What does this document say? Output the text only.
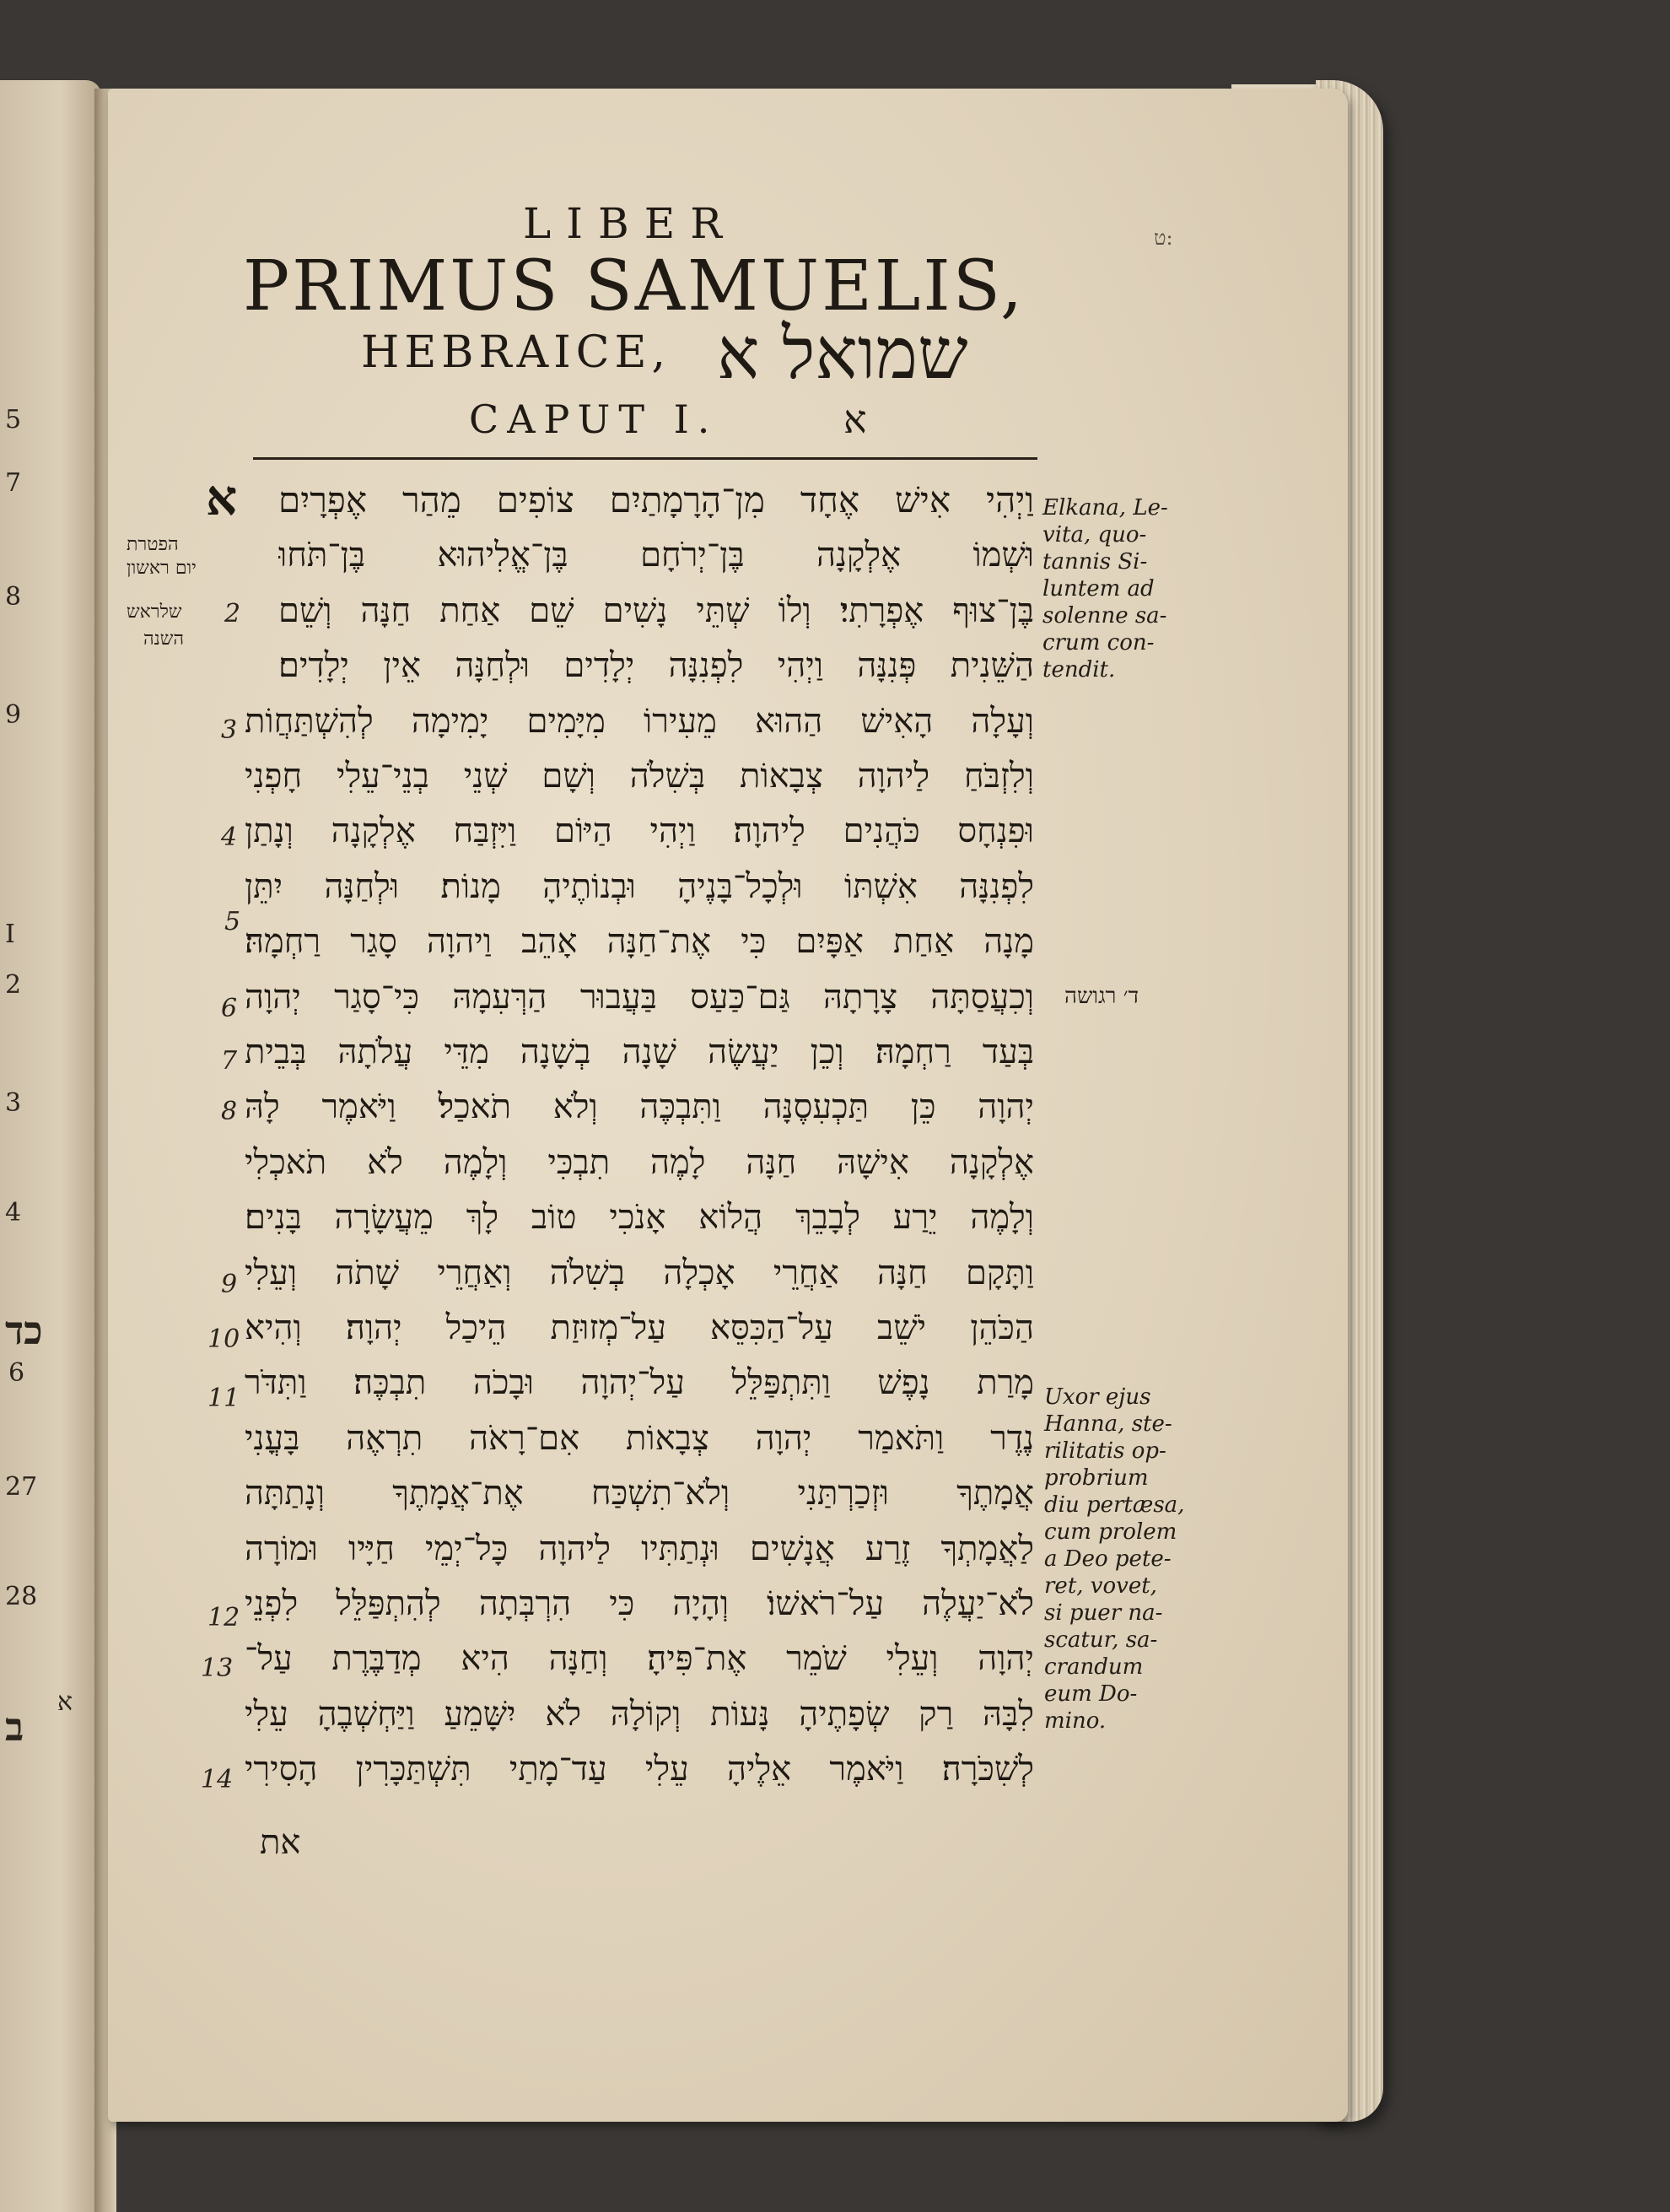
5
7
8
9
I
2
3
4
כד
6
27
28
ב
א
LIBER
PRIMUS SAMUELIS,
HEBRAICE, שמואל א
CAPUT I.	א
ט:
א וַיְהִי אִישׁ אֶחָד מִן־הָרָמָתַיִם צוֹפִים מֵהַר אֶפְרָיִם
וּשְׁמוֹ אֶלְקָנָה בֶּן־יְרֹחָם בֶּן־אֱלִיהוּא בֶּן־תֹּחוּ
בֶּן־צוּף אֶפְרָתִי׃ וְלוֹ שְׁתֵּי נָשִׁים שֵׁם אַחַת חַנָּה וְשֵׁם
הַשֵּׁנִית פְּנִנָּה וַיְהִי לִפְנִנָּה יְלָדִים וּלְחַנָּה אֵין יְלָדִים׃
וְעָלָה הָאִישׁ הַהוּא מֵעִירוֹ מִיָּמִים יָמִימָה לְהִשְׁתַּחֲוֹת
וְלִזְבֹּחַ לַיהוָה צְבָאוֹת בְּשִׁלֹה וְשָׁם שְׁנֵי בְנֵי־עֵלִי חָפְנִי
וּפִנְחָס כֹּהֲנִים לַיהוָה׃ וַיְהִי הַיּוֹם וַיִּזְבַּח אֶלְקָנָה וְנָתַן
לִפְנִנָּה אִשְׁתּוֹ וּלְכָל־בָּנֶיהָ וּבְנוֹתֶיהָ מָנוֹת׃ וּלְחַנָּה יִתֵּן
מָנָה אַחַת אַפָּיִם כִּי אֶת־חַנָּה אָהֵב וַיהוָה סָגַר רַחְמָהּ׃
וְכִעֲסַתָּה צָרָתָהּ גַּם־כַּעַס בַּעֲבוּר הַרְּעִמָהּ כִּי־סָגַר יְהוָה
בְּעַד רַחְמָהּ׃ וְכֵן יַעֲשֶׂה שָׁנָה בְשָׁנָה מִדֵּי עֲלֹתָהּ בְּבֵית
יְהוָה כֵּן תַּכְעִסֶנָּה וַתִּבְכֶּה וְלֹא תֹאכַל׃ וַיֹּאמֶר לָהּ
אֶלְקָנָה אִישָׁהּ חַנָּה לָמֶה תִבְכִּי וְלָמֶה לֹא תֹאכְלִי
וְלָמֶה יֵרַע לְבָבֵךְ הֲלוֹא אָנֹכִי טוֹב לָךְ מֵעֲשָׂרָה בָּנִים׃
וַתָּקָם חַנָּה אַחֲרֵי אָכְלָה בְשִׁלֹה וְאַחֲרֵי שָׁתֹה וְעֵלִי
הַכֹּהֵן יֹשֵׁב עַל־הַכִּסֵּא עַל־מְזוּזַת הֵיכַל יְהוָה׃ וְהִיא
מָרַת נָפֶשׁ וַתִּתְפַּלֵּל עַל־יְהוָה וּבָכֹה תִבְכֶּה׃ וַתִּדֹּר
נֶדֶר וַתֹּאמַר יְהוָה צְבָאוֹת אִם־רָאֹה תִרְאֶה בָּעֳנִי
אֲמָתֶךָ וּזְכַרְתַּנִי וְלֹא־תִשְׁכַּח אֶת־אֲמָתֶךָ וְנָתַתָּה
לַאֲמָתְךָ זֶרַע אֲנָשִׁים וּנְתַתִּיו לַיהוָה כָּל־יְמֵי חַיָּיו וּמוֹרָה
לֹא־יַעֲלֶה עַל־רֹאשׁוֹ׃ וְהָיָה כִּי הִרְבְּתָה לְהִתְפַּלֵּל לִפְנֵי
יְהוָה וְעֵלִי שֹׁמֵר אֶת־פִּיהָ׃ וְחַנָּה הִיא מְדַבֶּרֶת עַל־
לִבָּהּ רַק שְׂפָתֶיהָ נָּעוֹת וְקוֹלָהּ לֹא יִשָּׁמֵעַ וַיַּחְשְׁבֶהָ עֵלִי
לְשִׁכֹּרָה׃ וַיֹּאמֶר אֵלֶיהָ עֵלִי עַד־מָתַי תִּשְׁתַּכָּרִין הָסִירִי
2
3
4
5
6
7
8
9
10
11
12
13
14
הפטרת
יום ראשון
שלראש
השנה
Elkana, Le-
vita, quo-
tannis Si-
luntem ad
solenne sa-
crum con-
tendit.
ד׳ רגושה
Uxor ejus
Hanna, ste-
rilitatis op-
probrium
diu pertæsa,
cum prolem
a Deo pete-
ret, vovet,
si puer na-
scatur, sa-
crandum
eum Do-
mino.
את
